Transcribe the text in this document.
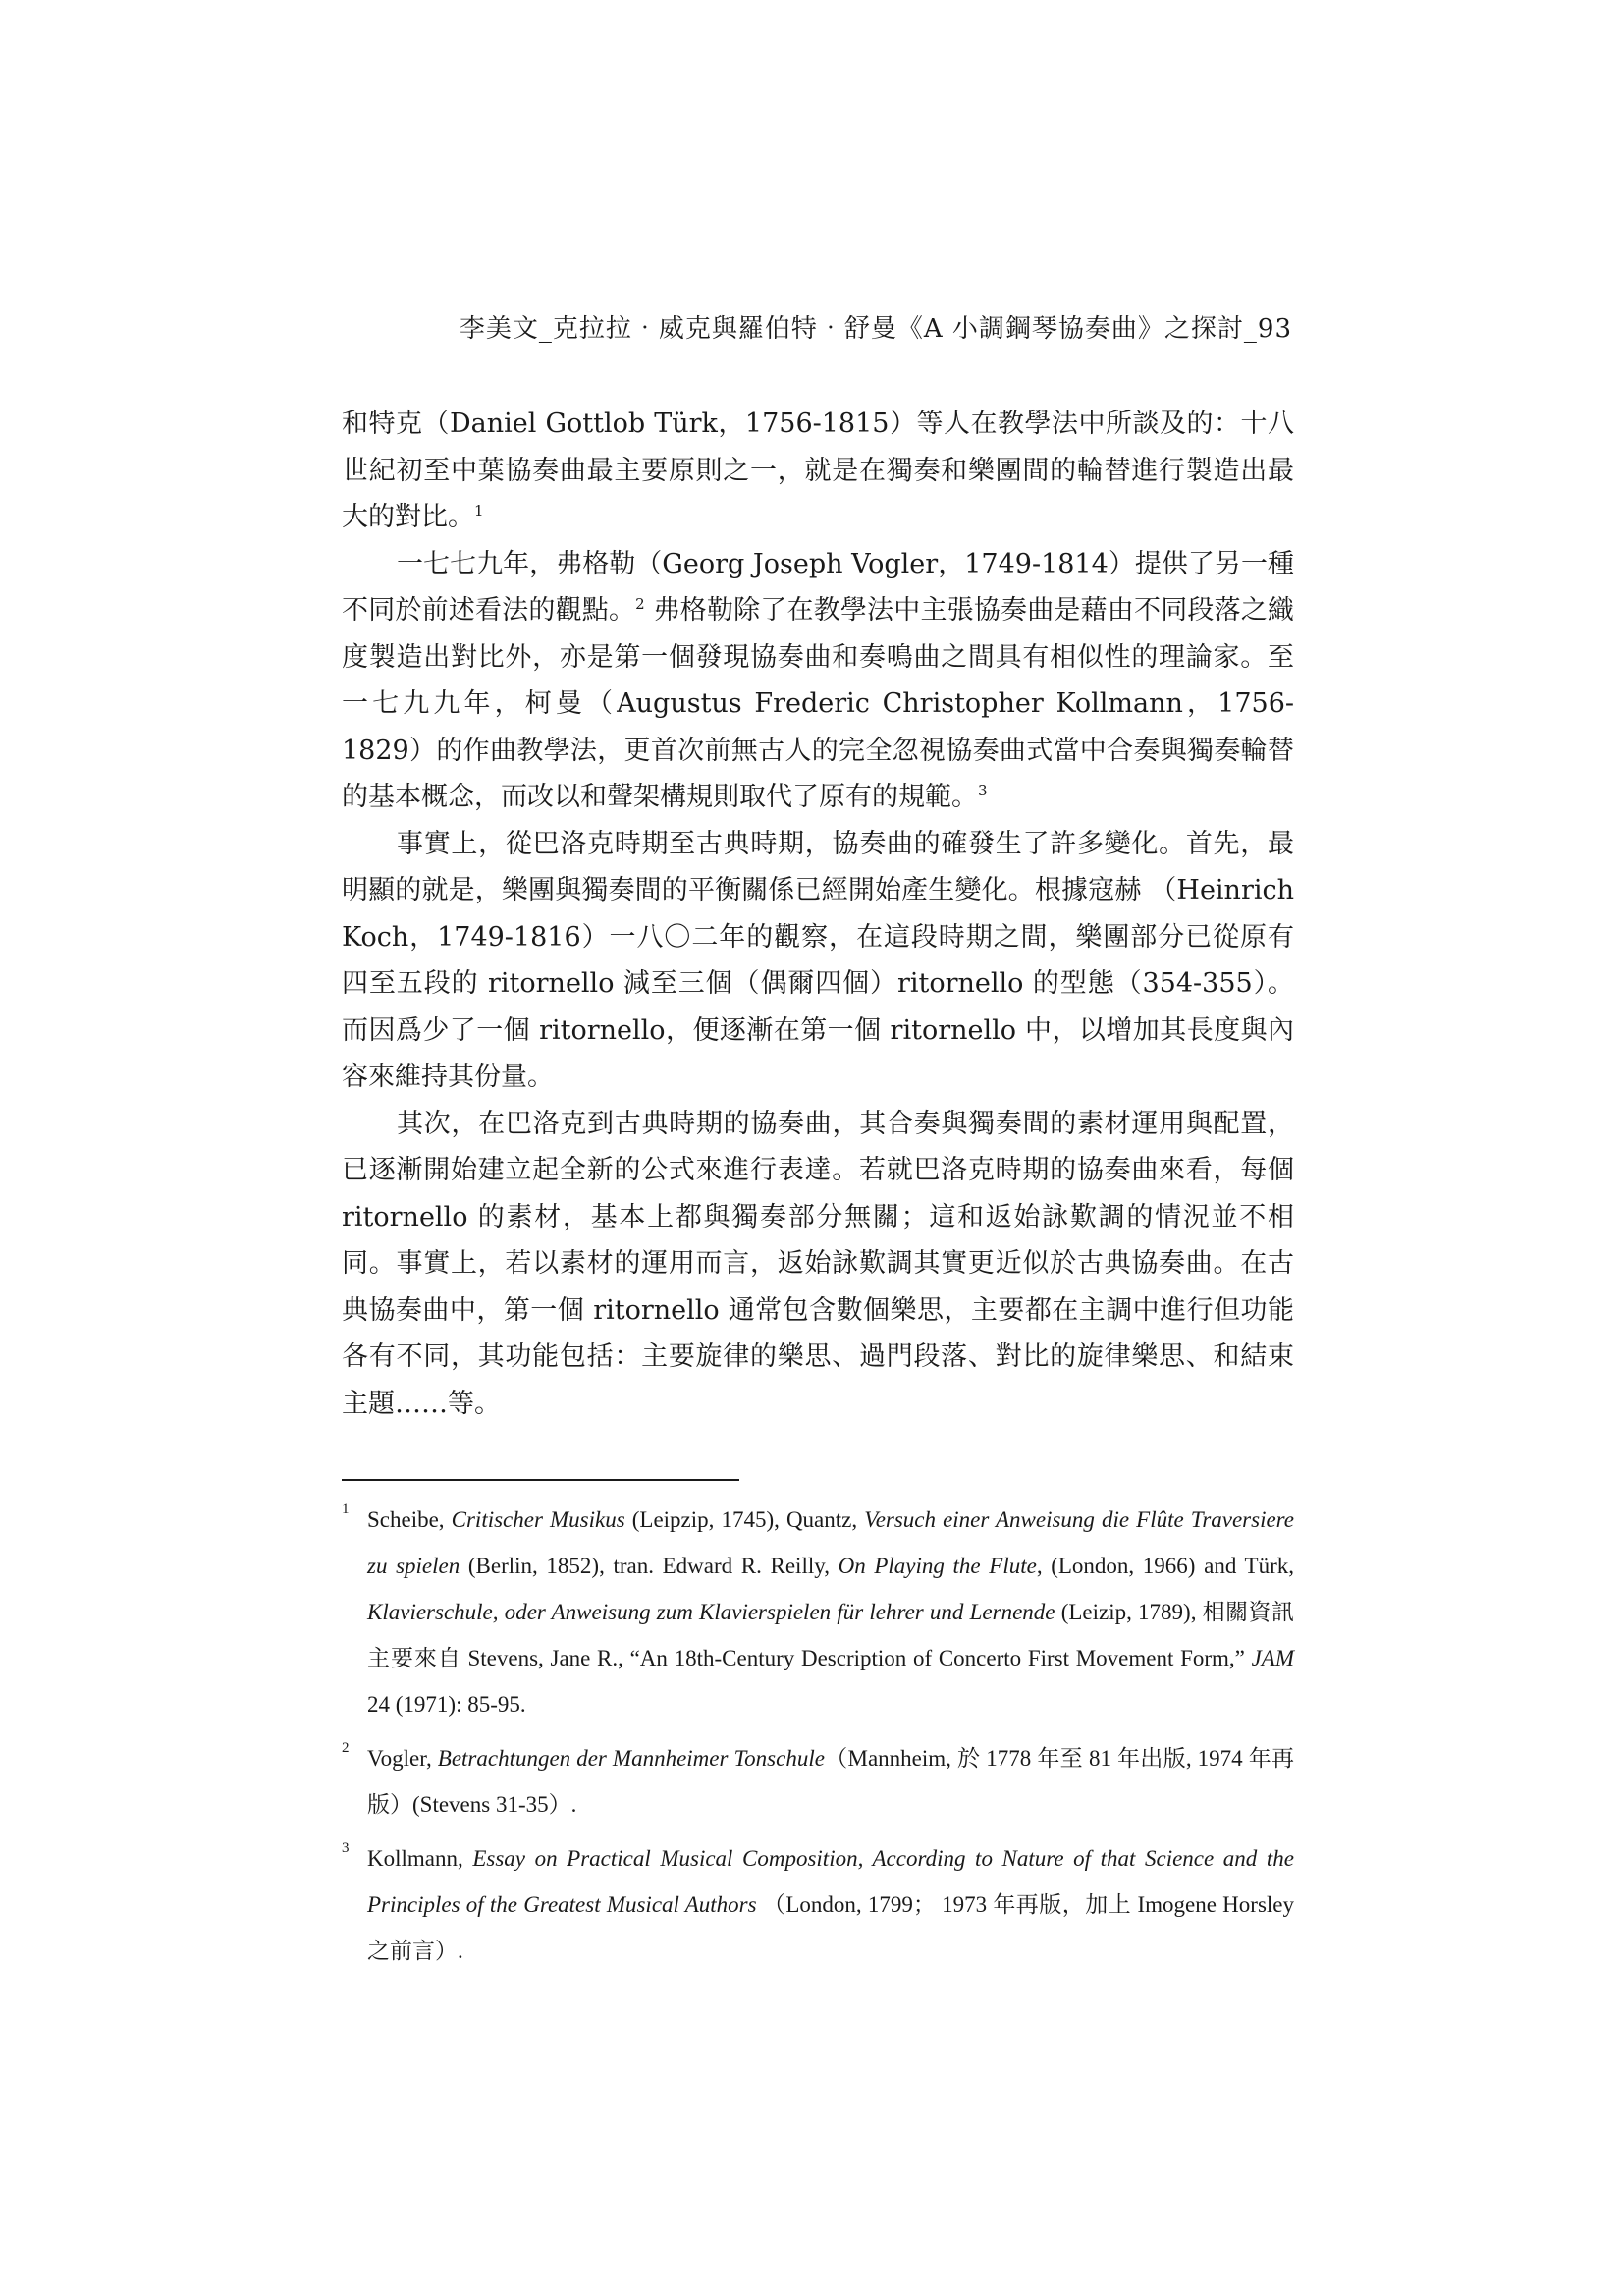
李美文_克拉拉‧威克與羅伯特‧舒曼《A 小調鋼琴協奏曲》之探討_93

和特克（Daniel Gottlob Türk，1756-1815）等人在教學法中所談及的：十八世紀初至中葉協奏曲最主要原則之一，就是在獨奏和樂團間的輪替進行製造出最大的對比。$^1$

一七七九年，弗格勒（Georg Joseph Vogler，1749-1814）提供了另一種不同於前述看法的觀點。$^2$ 弗格勒除了在教學法中主張協奏曲是藉由不同段落之織度製造出對比外，亦是第一個發現協奏曲和奏鳴曲之間具有相似性的理論家。至一七九九年，柯曼（Augustus Frederic Christopher Kollmann，1756-1829）的作曲教學法，更首次前無古人的完全忽視協奏曲式當中合奏與獨奏輪替的基本概念，而改以和聲架構規則取代了原有的規範。$^3$

事實上，從巴洛克時期至古典時期，協奏曲的確發生了許多變化。首先，最明顯的就是，樂團與獨奏間的平衡關係已經開始產生變化。根據寇赫 （Heinrich Koch，1749-1816）一八〇二年的觀察，在這段時期之間，樂團部分已從原有四至五段的 ritornello 減至三個（偶爾四個）ritornello 的型態（354-355）。而因爲少了一個 ritornello，便逐漸在第一個 ritornello 中，以增加其長度與內容來維持其份量。

其次，在巴洛克到古典時期的協奏曲，其合奏與獨奏間的素材運用與配置，已逐漸開始建立起全新的公式來進行表達。若就巴洛克時期的協奏曲來看，每個 ritornello 的素材，基本上都與獨奏部分無關；這和返始詠歎調的情況並不相同。事實上，若以素材的運用而言，返始詠歎調其實更近似於古典協奏曲。在古典協奏曲中，第一個 ritornello 通常包含數個樂思，主要都在主調中進行但功能各有不同，其功能包括：主要旋律的樂思、過門段落、對比的旋律樂思、和結束主題……等。

1 Scheibe, Critischer Musikus (Leipzip, 1745), Quantz, Versuch einer Anweisung die Flûte Traversiere zu spielen (Berlin, 1852), tran. Edward R. Reilly, On Playing the Flute, (London, 1966) and Türk, Klavierschule, oder Anweisung zum Klavierspielen für lehrer und Lernende (Leizip, 1789), 相關資訊主要來自 Stevens, Jane R., “An 18th-Century Description of Concerto First Movement Form,” JAM 24 (1971): 85-95.
2 Vogler, Betrachtungen der Mannheimer Tonschule（Mannheim, 於 1778 年至 81 年出版, 1974 年再版）(Stevens 31-35）.
3 Kollmann, Essay on Practical Musical Composition, According to Nature of that Science and the Principles of the Greatest Musical Authors （London, 1799； 1973 年再版，加上 Imogene Horsley 之前言）.
